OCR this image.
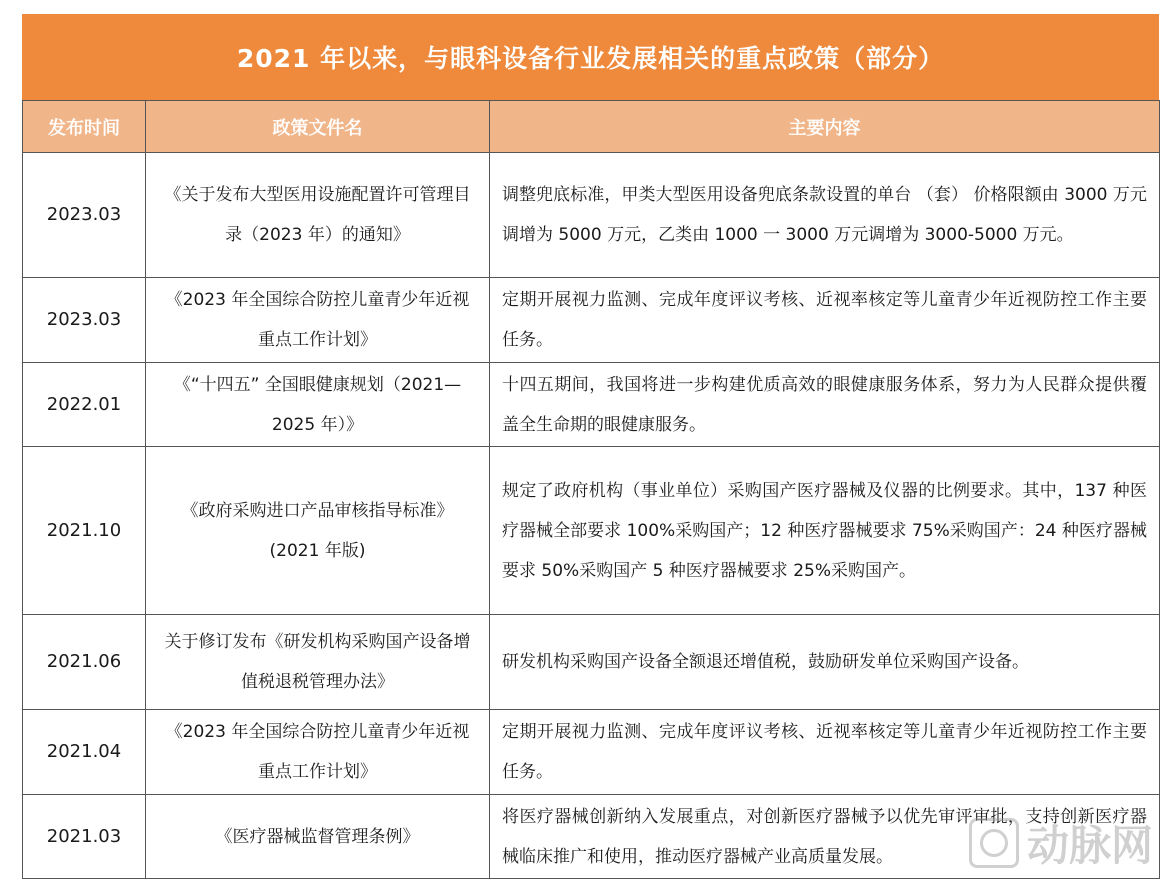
2021 年以来，与眼科设备行业发展相关的重点政策（部分）
发布时间	政策文件名	主要内容
2023.03	《关于发布大型医用设施配置许可管理目录（2023 年）的通知》	调整兜底标准，甲类大型医用设备兜底条款设置的单台 （套） 价格限额由 3000 万元调增为 5000 万元，乙类由 1000 一 3000 万元调增为 3000-5000 万元。
2023.03	《2023 年全国综合防控儿童青少年近视重点工作计划》	定期开展视力监测、完成年度评议考核、近视率核定等儿童青少年近视防控工作主要任务。
2022.01	《“十四五” 全国眼健康规划（2021—2025 年）》	十四五期间，我国将进一步构建优质高效的眼健康服务体系，努力为人民群众提供覆盖全生命期的眼健康服务。
2021.10	《政府采购进口产品审核指导标准》(2021 年版)	规定了政府机构（事业单位）采购国产医疗器械及仪器的比例要求。其中，137 种医疗器械全部要求 100%采购国产；12 种医疗器械要求 75%采购国产：24 种医疗器械要求 50%采购国产 5 种医疗器械要求 25%采购国产。
2021.06	关于修订发布《研发机构采购国产设备增值税退税管理办法》	研发机构采购国产设备全额退还增值税，鼓励研发单位采购国产设备。
2021.04	《2023 年全国综合防控儿童青少年近视重点工作计划》	定期开展视力监测、完成年度评议考核、近视率核定等儿童青少年近视防控工作主要任务。
2021.03	《医疗器械监督管理条例》	将医疗器械创新纳入发展重点，对创新医疗器械予以优先审评审批，支持创新医疗器械临床推广和使用，推动医疗器械产业高质量发展。	动脉网
